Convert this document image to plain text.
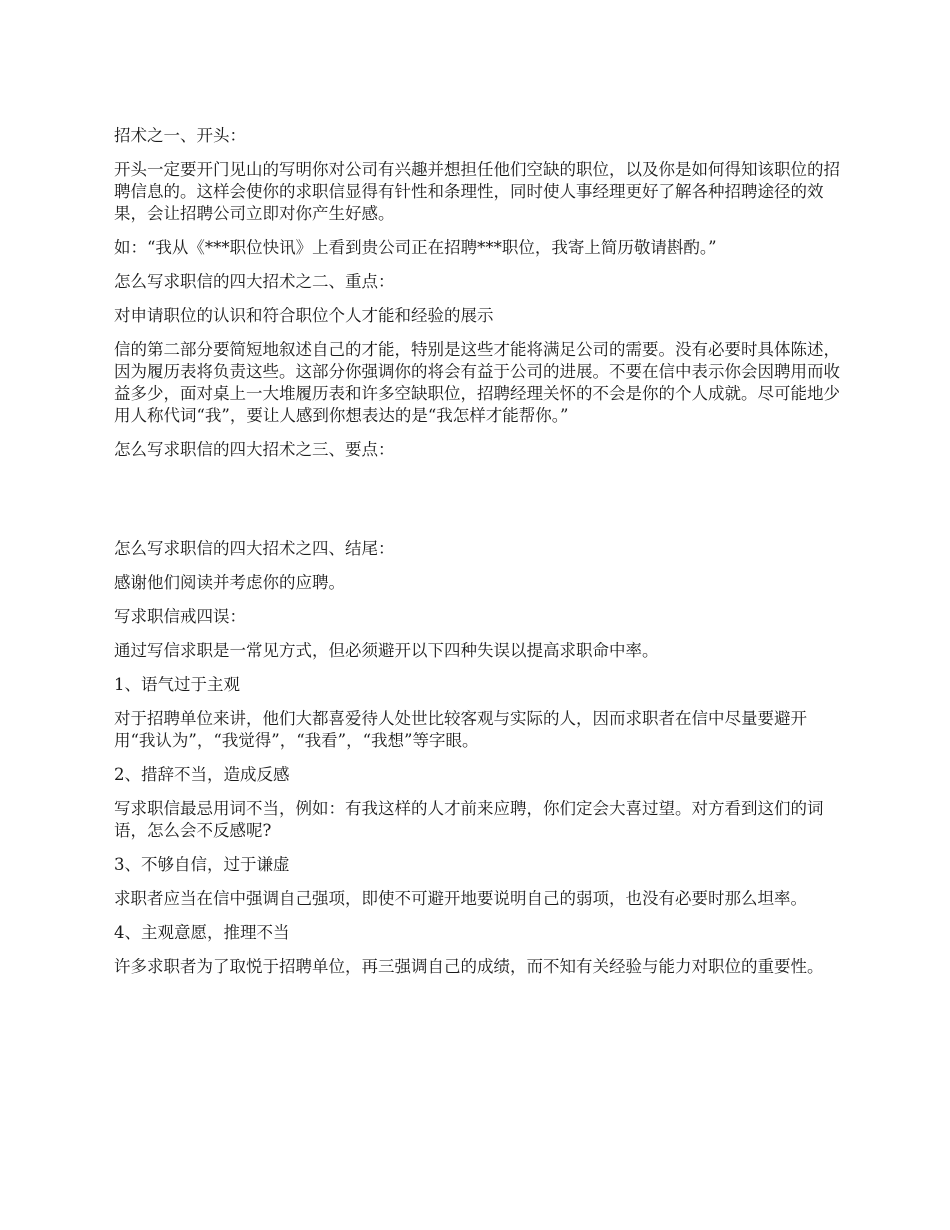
招术之一、开头：

开头一定要开门见山的写明你对公司有兴趣并想担任他们空缺的职位，以及你是如何得知该职位的招聘信息的。这样会使你的求职信显得有针性和条理性，同时使人事经理更好了解各种招聘途径的效果，会让招聘公司立即对你产生好感。

如：“我从《***职位快讯》上看到贵公司正在招聘***职位，我寄上简历敬请斟酌。”

怎么写求职信的四大招术之二、重点：

对申请职位的认识和符合职位个人才能和经验的展示

信的第二部分要简短地叙述自己的才能，特别是这些才能将满足公司的需要。没有必要时具体陈述，因为履历表将负责这些。这部分你强调你的将会有益于公司的进展。不要在信中表示你会因聘用而收益多少，面对桌上一大堆履历表和许多空缺职位，招聘经理关怀的不会是你的个人成就。尽可能地少用人称代词“我”，要让人感到你想表达的是“我怎样才能帮你。”

怎么写求职信的四大招术之三、要点：

怎么写求职信的四大招术之四、结尾：

感谢他们阅读并考虑你的应聘。

写求职信戒四误：

通过写信求职是一常见方式，但必须避开以下四种失误以提高求职命中率。

1、语气过于主观

对于招聘单位来讲，他们大都喜爱待人处世比较客观与实际的人，因而求职者在信中尽量要避开用“我认为”，“我觉得”，“我看”，“我想”等字眼。

2、措辞不当，造成反感

写求职信最忌用词不当，例如：有我这样的人才前来应聘，你们定会大喜过望。对方看到这们的词语，怎么会不反感呢?

3、不够自信，过于谦虚

求职者应当在信中强调自己强项，即使不可避开地要说明自己的弱项，也没有必要时那么坦率。

4、主观意愿，推理不当

许多求职者为了取悦于招聘单位，再三强调自己的成绩，而不知有关经验与能力对职位的重要性。
